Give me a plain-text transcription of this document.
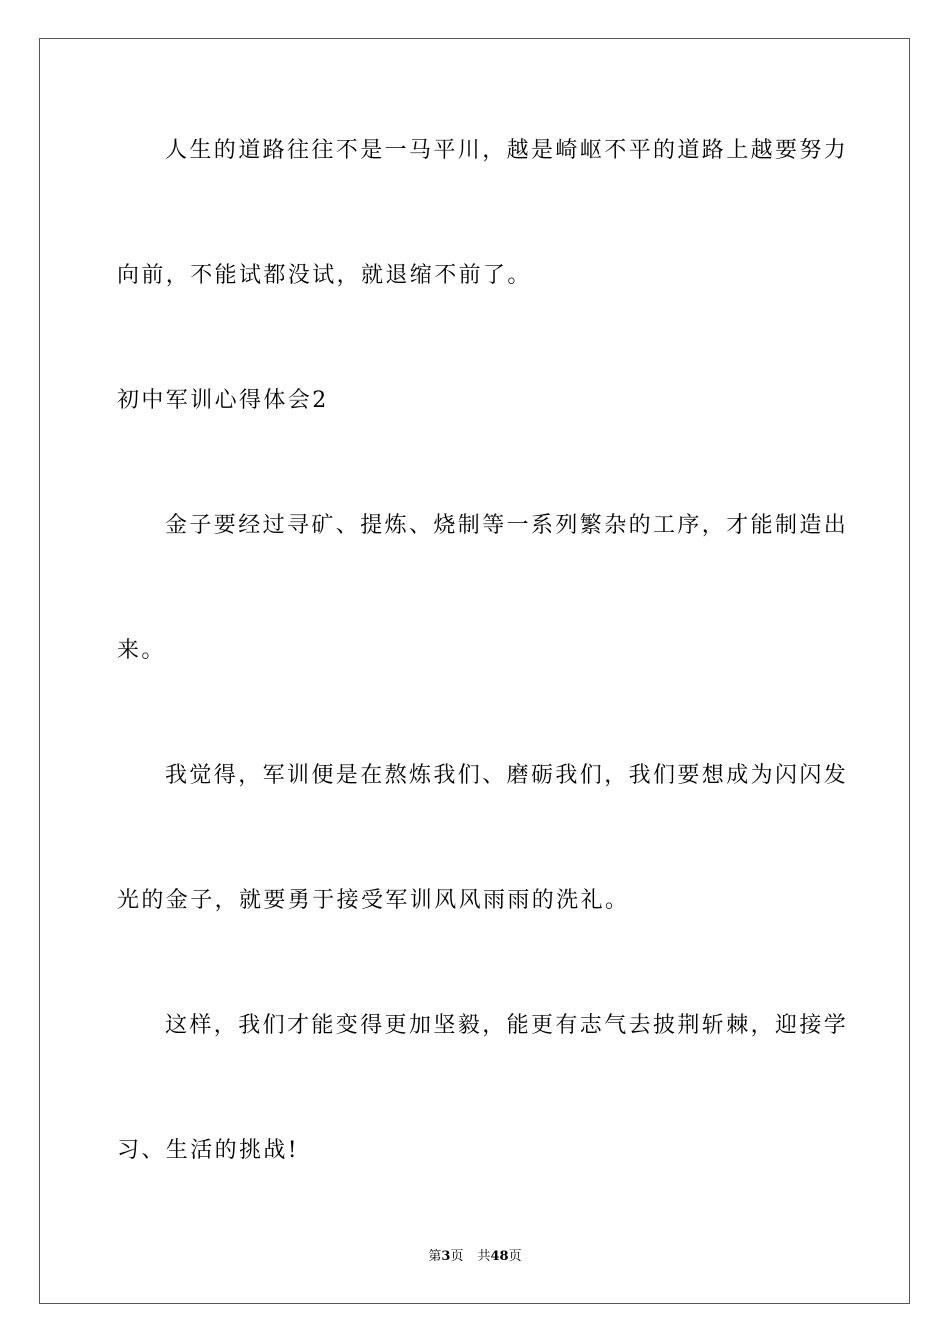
人生的道路往往不是一马平川，越是崎岖不平的道路上越要努力
向前，不能试都没试，就退缩不前了。
初中军训心得体会2
金子要经过寻矿、提炼、烧制等一系列繁杂的工序，才能制造出
来。
我觉得，军训便是在熬炼我们、磨砺我们，我们要想成为闪闪发
光的金子，就要勇于接受军训风风雨雨的洗礼。
这样，我们才能变得更加坚毅，能更有志气去披荆斩棘，迎接学
习、生活的挑战!
第3页 共48页
